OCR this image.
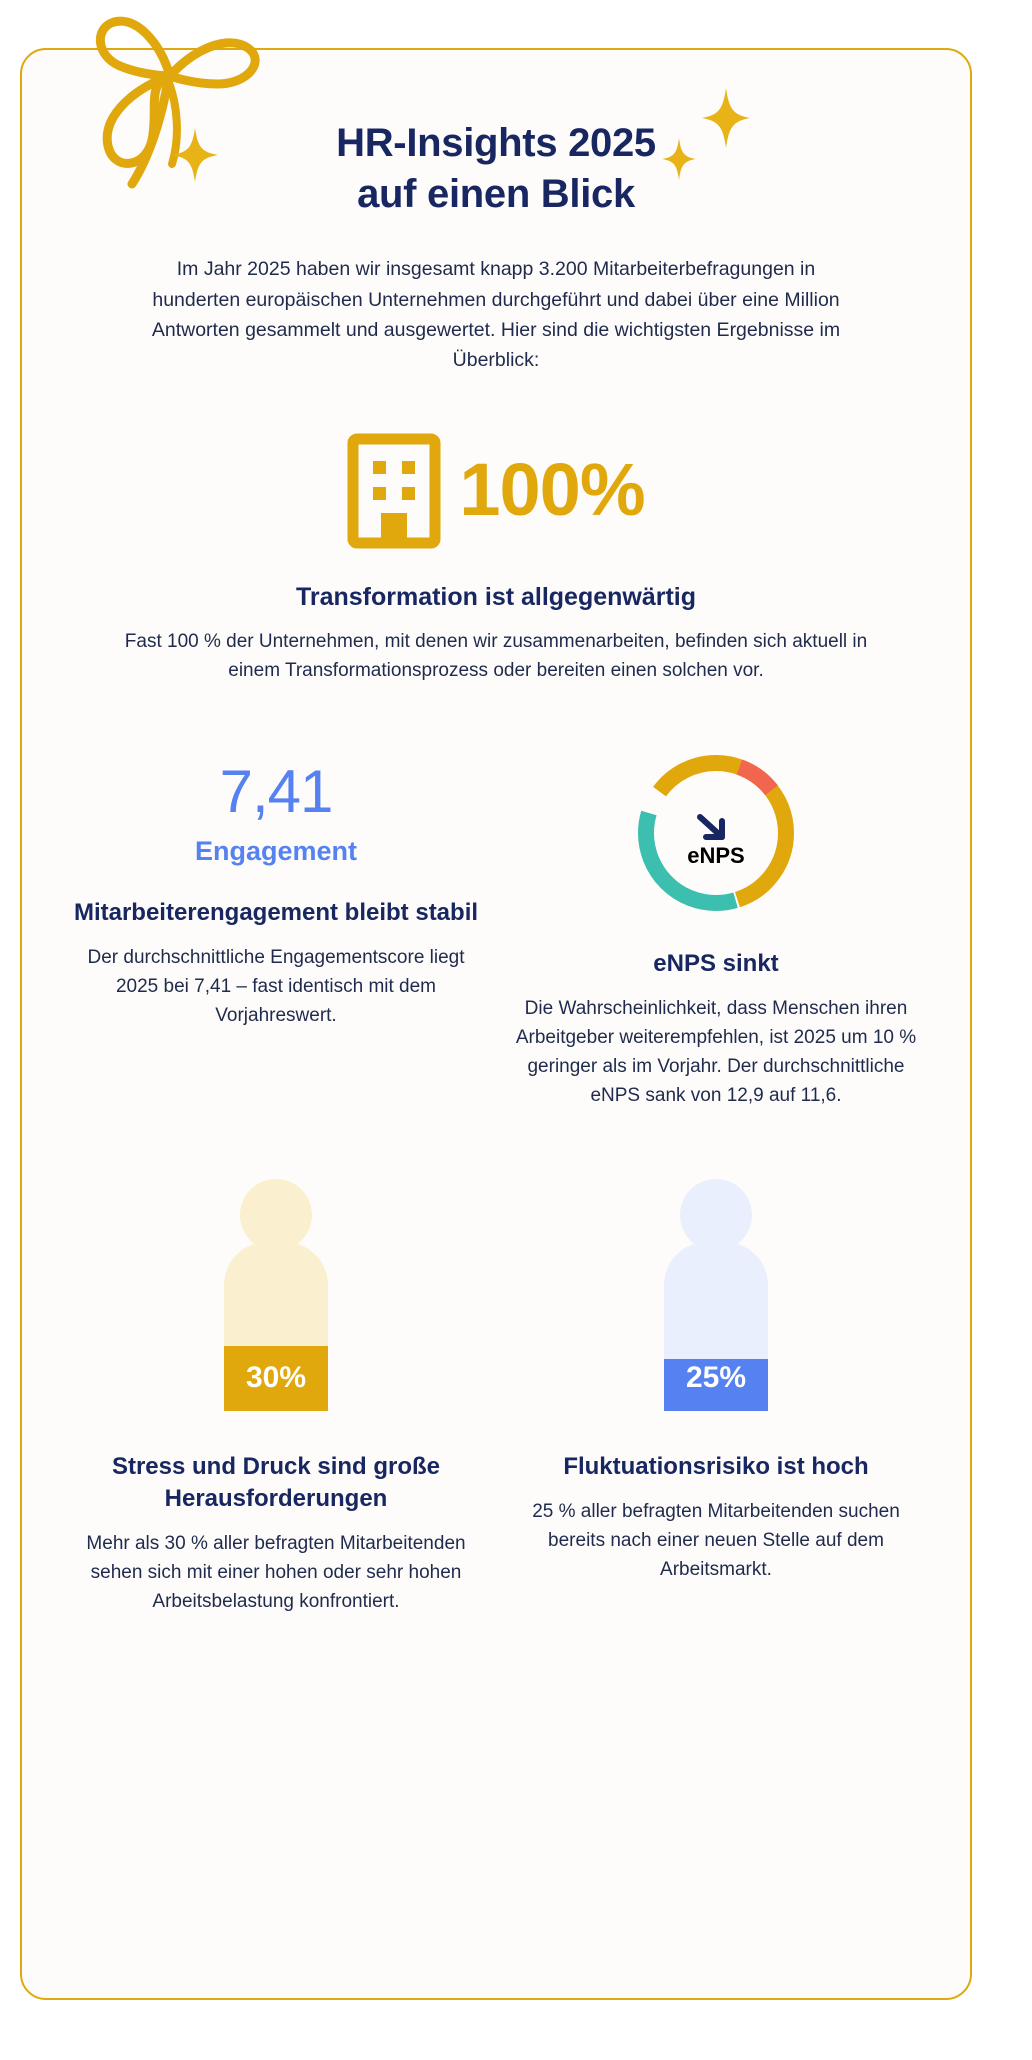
HR-Insights 2025
auf einen Blick
Im Jahr 2025 haben wir insgesamt knapp 3.200 Mitarbeiterbefragungen in hunderten europäischen Unternehmen durchgeführt und dabei über eine Million Antworten gesammelt und ausgewertet. Hier sind die wichtigsten Ergebnisse im Überblick:
100%
Transformation ist allgegenwärtig
Fast 100 % der Unternehmen, mit denen wir zusammenarbeiten, befinden sich aktuell in einem Transformationsprozess oder bereiten einen solchen vor.
7,41
Engagement
Mitarbeiterengagement bleibt stabil
Der durchschnittliche Engagementscore liegt 2025 bei 7,41 – fast identisch mit dem Vorjahreswert.
eNPS
eNPS sinkt
Die Wahrscheinlichkeit, dass Menschen ihren Arbeitgeber weiterempfehlen, ist 2025 um 10 % geringer als im Vorjahr. Der durchschnittliche eNPS sank von 12,9 auf 11,6.
30%
Stress und Druck sind große Herausforderungen
Mehr als 30 % aller befragten Mitarbeitenden sehen sich mit einer hohen oder sehr hohen Arbeitsbelastung konfrontiert.
25%
Fluktuationsrisiko ist hoch
25 % aller befragten Mitarbeitenden suchen bereits nach einer neuen Stelle auf dem Arbeitsmarkt.
